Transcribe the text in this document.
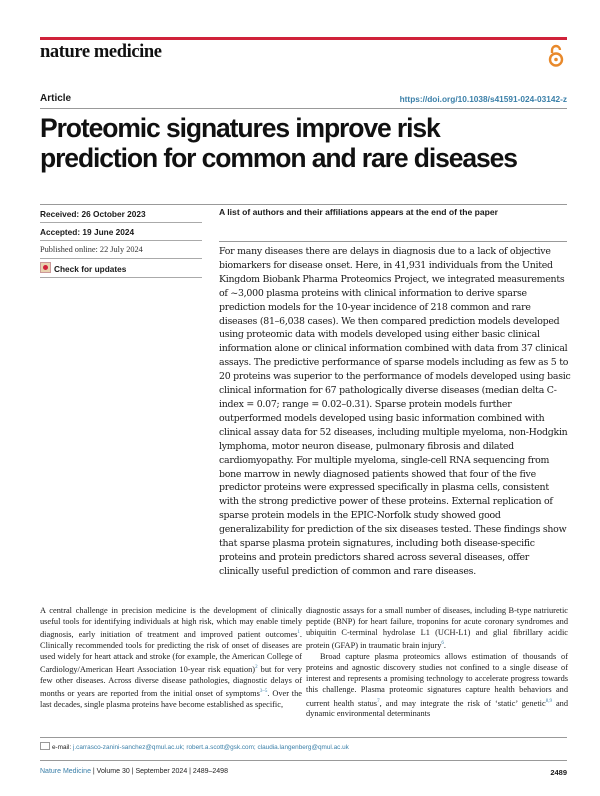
nature medicine
Article	https://doi.org/10.1038/s41591-024-03142-z
Proteomic signatures improve risk
prediction for common and rare diseases
Received: 26 October 2023
Accepted: 19 June 2024
Published online: 22 July 2024
Check for updates
A list of authors and their affiliations appears at the end of the paper
For many diseases there are delays in diagnosis due to a lack of objective biomarkers for disease onset. Here, in 41,931 individuals from the United Kingdom Biobank Pharma Proteomics Project, we integrated measurements of ~3,000 plasma proteins with clinical information to derive sparse prediction models for the 10-year incidence of 218 common and rare diseases (81–6,038 cases). We then compared prediction models developed using proteomic data with models developed using either basic clinical information alone or clinical information combined with data from 37 clinical assays. The predictive performance of sparse models including as few as 5 to 20 proteins was superior to the performance of models developed using basic clinical information for 67 pathologically diverse diseases (median delta C-index = 0.07; range = 0.02–0.31). Sparse protein models further outperformed models developed using basic information combined with clinical assay data for 52 diseases, including multiple myeloma, non-Hodgkin lymphoma, motor neuron disease, pulmonary fibrosis and dilated cardiomyopathy. For multiple myeloma, single-cell RNA sequencing from bone marrow in newly diagnosed patients showed that four of the five predictor proteins were expressed specifically in plasma cells, consistent with the strong predictive power of these proteins. External replication of sparse protein models in the EPIC-Norfolk study showed good generalizability for prediction of the six diseases tested. These findings show that sparse plasma protein signatures, including both disease-specific proteins and protein predictors shared across several diseases, offer clinically useful prediction of common and rare diseases.

A central challenge in precision medicine is the development of clinically useful tools for identifying individuals at high risk, which may enable timely diagnosis, early initiation of treatment and improved patient outcomes$^1$. Clinically recommended tools for predicting the risk of onset of diseases are used widely for heart attack and stroke (for example, the American College of Cardiology/American Heart Association 10-year risk equation)$^2$ but for very few other diseases. Across diverse disease pathologies, diagnostic delays of months or years are reported from the initial onset of symptoms$^{3-5}$. Over the last decades, single plasma proteins have become established as specific,

diagnostic assays for a small number of diseases, including B-type natriuretic peptide (BNP) for heart failure, troponins for acute coronary syndromes and ubiquitin C-terminal hydrolase L1 (UCH-L1) and glial fibrillary acidic protein (GFAP) in traumatic brain injury$^6$.

Broad capture plasma proteomics allows estimation of thousands of proteins and agnostic discovery studies not confined to a single disease of interest and represents a promising technology to accelerate progress towards this challenge. Plasma proteomic signatures capture health behaviors and current health status$^7$, and may integrate the risk of ‘static’ genetic$^{8,9}$ and dynamic environmental determinants

e-mail: j.carrasco-zanini-sanchez@qmul.ac.uk; robert.a.scott@gsk.com; claudia.langenberg@qmul.ac.uk
Nature Medicine | Volume 30 | September 2024 | 2489–2498	2489
